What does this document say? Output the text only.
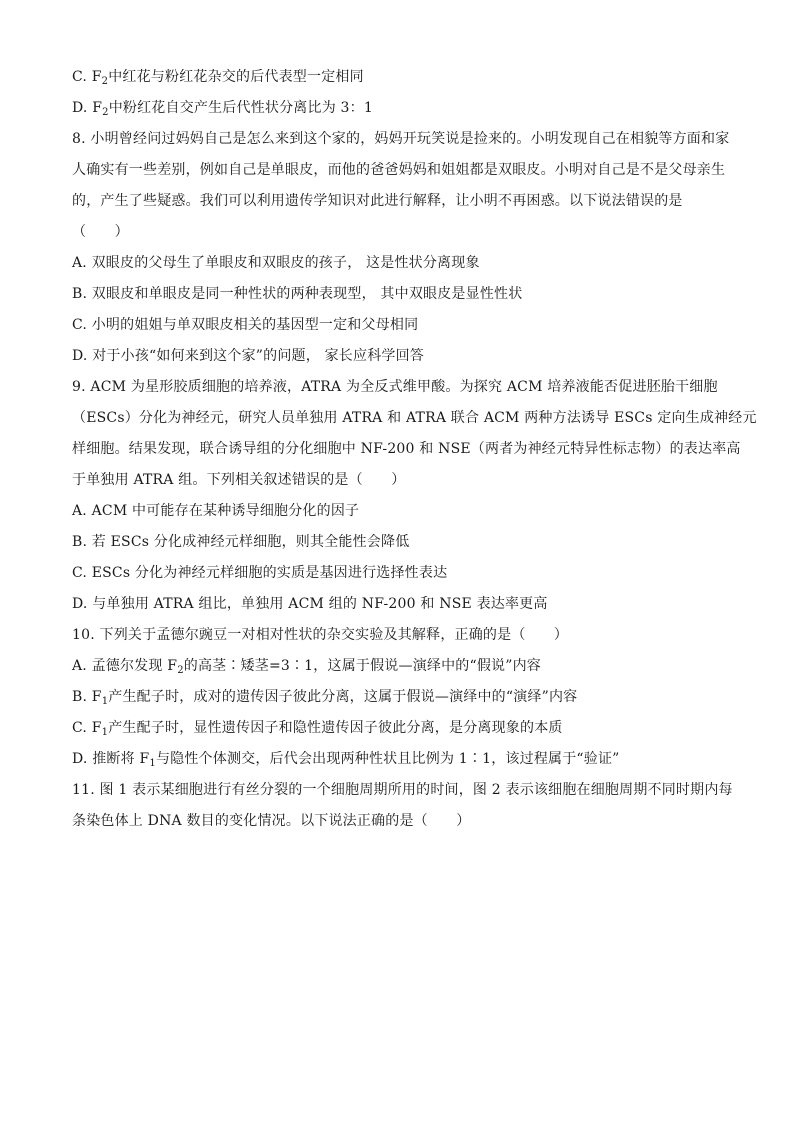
C. $F_2$中红花与粉红花杂交的后代表型一定相同
D. $F_2$中粉红花自交产生后代性状分离比为 3：1
8. 小明曾经问过妈妈自己是怎么来到这个家的，妈妈开玩笑说是捡来的。小明发现自己在相貌等方面和家
人确实有一些差别，例如自己是单眼皮，而他的爸爸妈妈和姐姐都是双眼皮。小明对自己是不是父母亲生
的，产生了些疑惑。我们可以利用遗传学知识对此进行解释，让小明不再困惑。以下说法错误的是
（　　）
A. 双眼皮的父母生了单眼皮和双眼皮的孩子， 这是性状分离现象
B. 双眼皮和单眼皮是同一种性状的两种表现型， 其中双眼皮是显性性状
C. 小明的姐姐与单双眼皮相关的基因型一定和父母相同
D. 对于小孩“如何来到这个家”的问题， 家长应科学回答
9. ACM 为星形胶质细胞的培养液，ATRA 为全反式维甲酸。为探究 ACM 培养液能否促进胚胎干细胞
（ESCs）分化为神经元，研究人员单独用 ATRA 和 ATRA 联合 ACM 两种方法诱导 ESCs 定向生成神经元
样细胞。结果发现，联合诱导组的分化细胞中 NF-200 和 NSE（两者为神经元特异性标志物）的表达率高
于单独用 ATRA 组。下列相关叙述错误的是（　　）
A. ACM 中可能存在某种诱导细胞分化的因子
B. 若 ESCs 分化成神经元样细胞，则其全能性会降低
C. ESCs 分化为神经元样细胞的实质是基因进行选择性表达
D. 与单独用 ATRA 组比，单独用 ACM 组的 NF-200 和 NSE 表达率更高
10. 下列关于孟德尔豌豆一对相对性状的杂交实验及其解释，正确的是（　　）
A. 孟德尔发现 $F_2$的高茎∶矮茎=3∶1，这属于假说—演绎中的“假说”内容
B. $F_1$产生配子时，成对的遗传因子彼此分离，这属于假说—演绎中的“演绎”内容
C. $F_1$产生配子时，显性遗传因子和隐性遗传因子彼此分离，是分离现象的本质
D. 推断将 $F_1$与隐性个体测交，后代会出现两种性状且比例为 1∶1，该过程属于“验证”
11. 图 1 表示某细胞进行有丝分裂的一个细胞周期所用的时间，图 2 表示该细胞在细胞周期不同时期内每
条染色体上 DNA 数目的变化情况。以下说法正确的是（　　）
